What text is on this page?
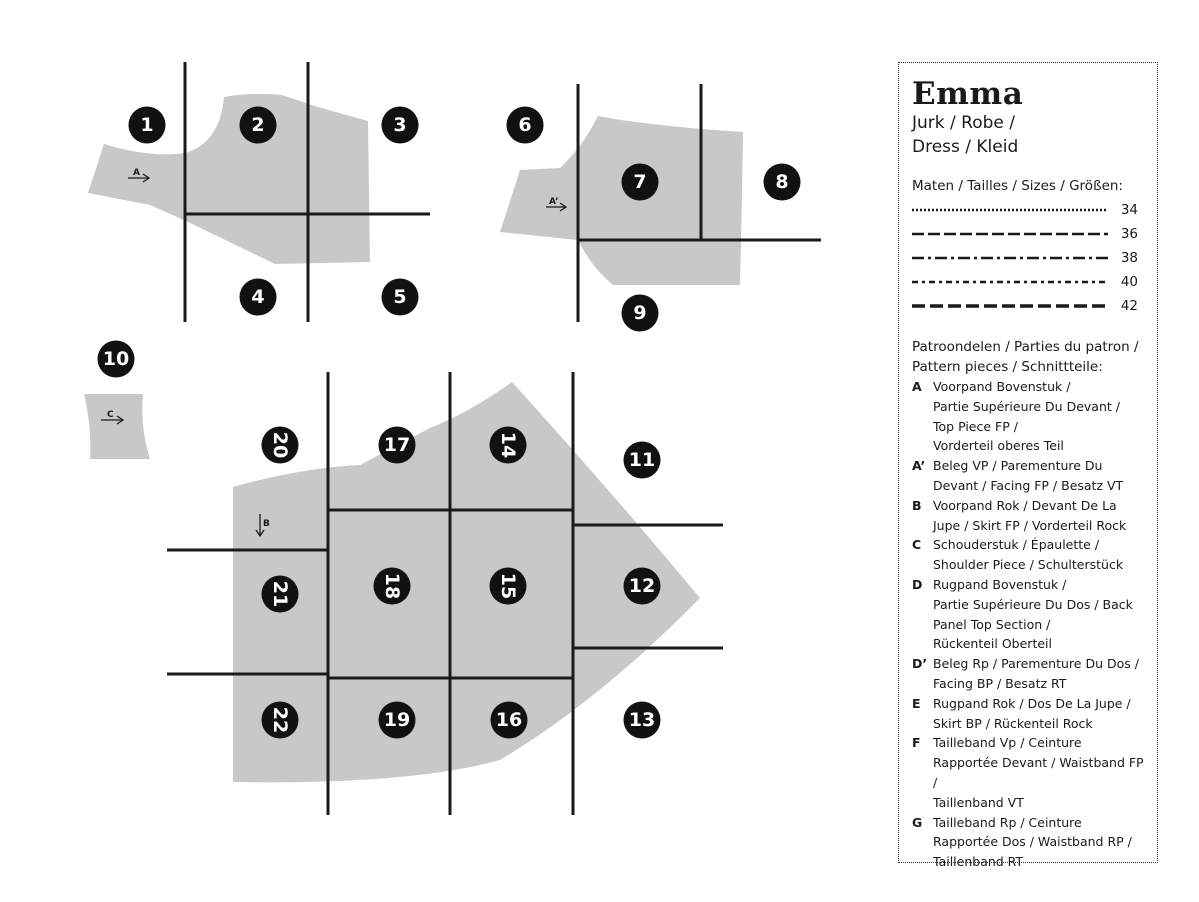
A
A’
C
B
1	2	3
4	5
6
7	8
9
10
11
12
13
14
15
16
17
18
19
20
21
22
Emma

Jurk / Robe /

Dress / Kleid

Maten / Tailles / Sizes / Größen:
34
36
38
40
42
Patroondelen / Parties du patron /
Pattern pieces / Schnittteile:
A Voorpand Bovenstuk /
Partie Supérieure Du Devant /
Top Piece FP /
Vorderteil oberes Teil
A’ Beleg VP / Parementure Du
Devant / Facing FP / Besatz VT
B Voorpand Rok / Devant De La
Jupe / Skirt FP / Vorderteil Rock
C Schouderstuk / Épaulette /
Shoulder Piece / Schulterstück
D Rugpand Bovenstuk /
Partie Supérieure Du Dos / Back
Panel Top Section /
Rückenteil Oberteil
D’ Beleg Rp / Parementure Du Dos /
Facing BP / Besatz RT
E Rugpand Rok / Dos De La Jupe /
Skirt BP / Rückenteil Rock
F Tailleband Vp / Ceinture
Rapportée Devant / Waistband FP /
Taillenband VT
G Tailleband Rp / Ceinture
Rapportée Dos / Waistband RP /
Taillenband RT
